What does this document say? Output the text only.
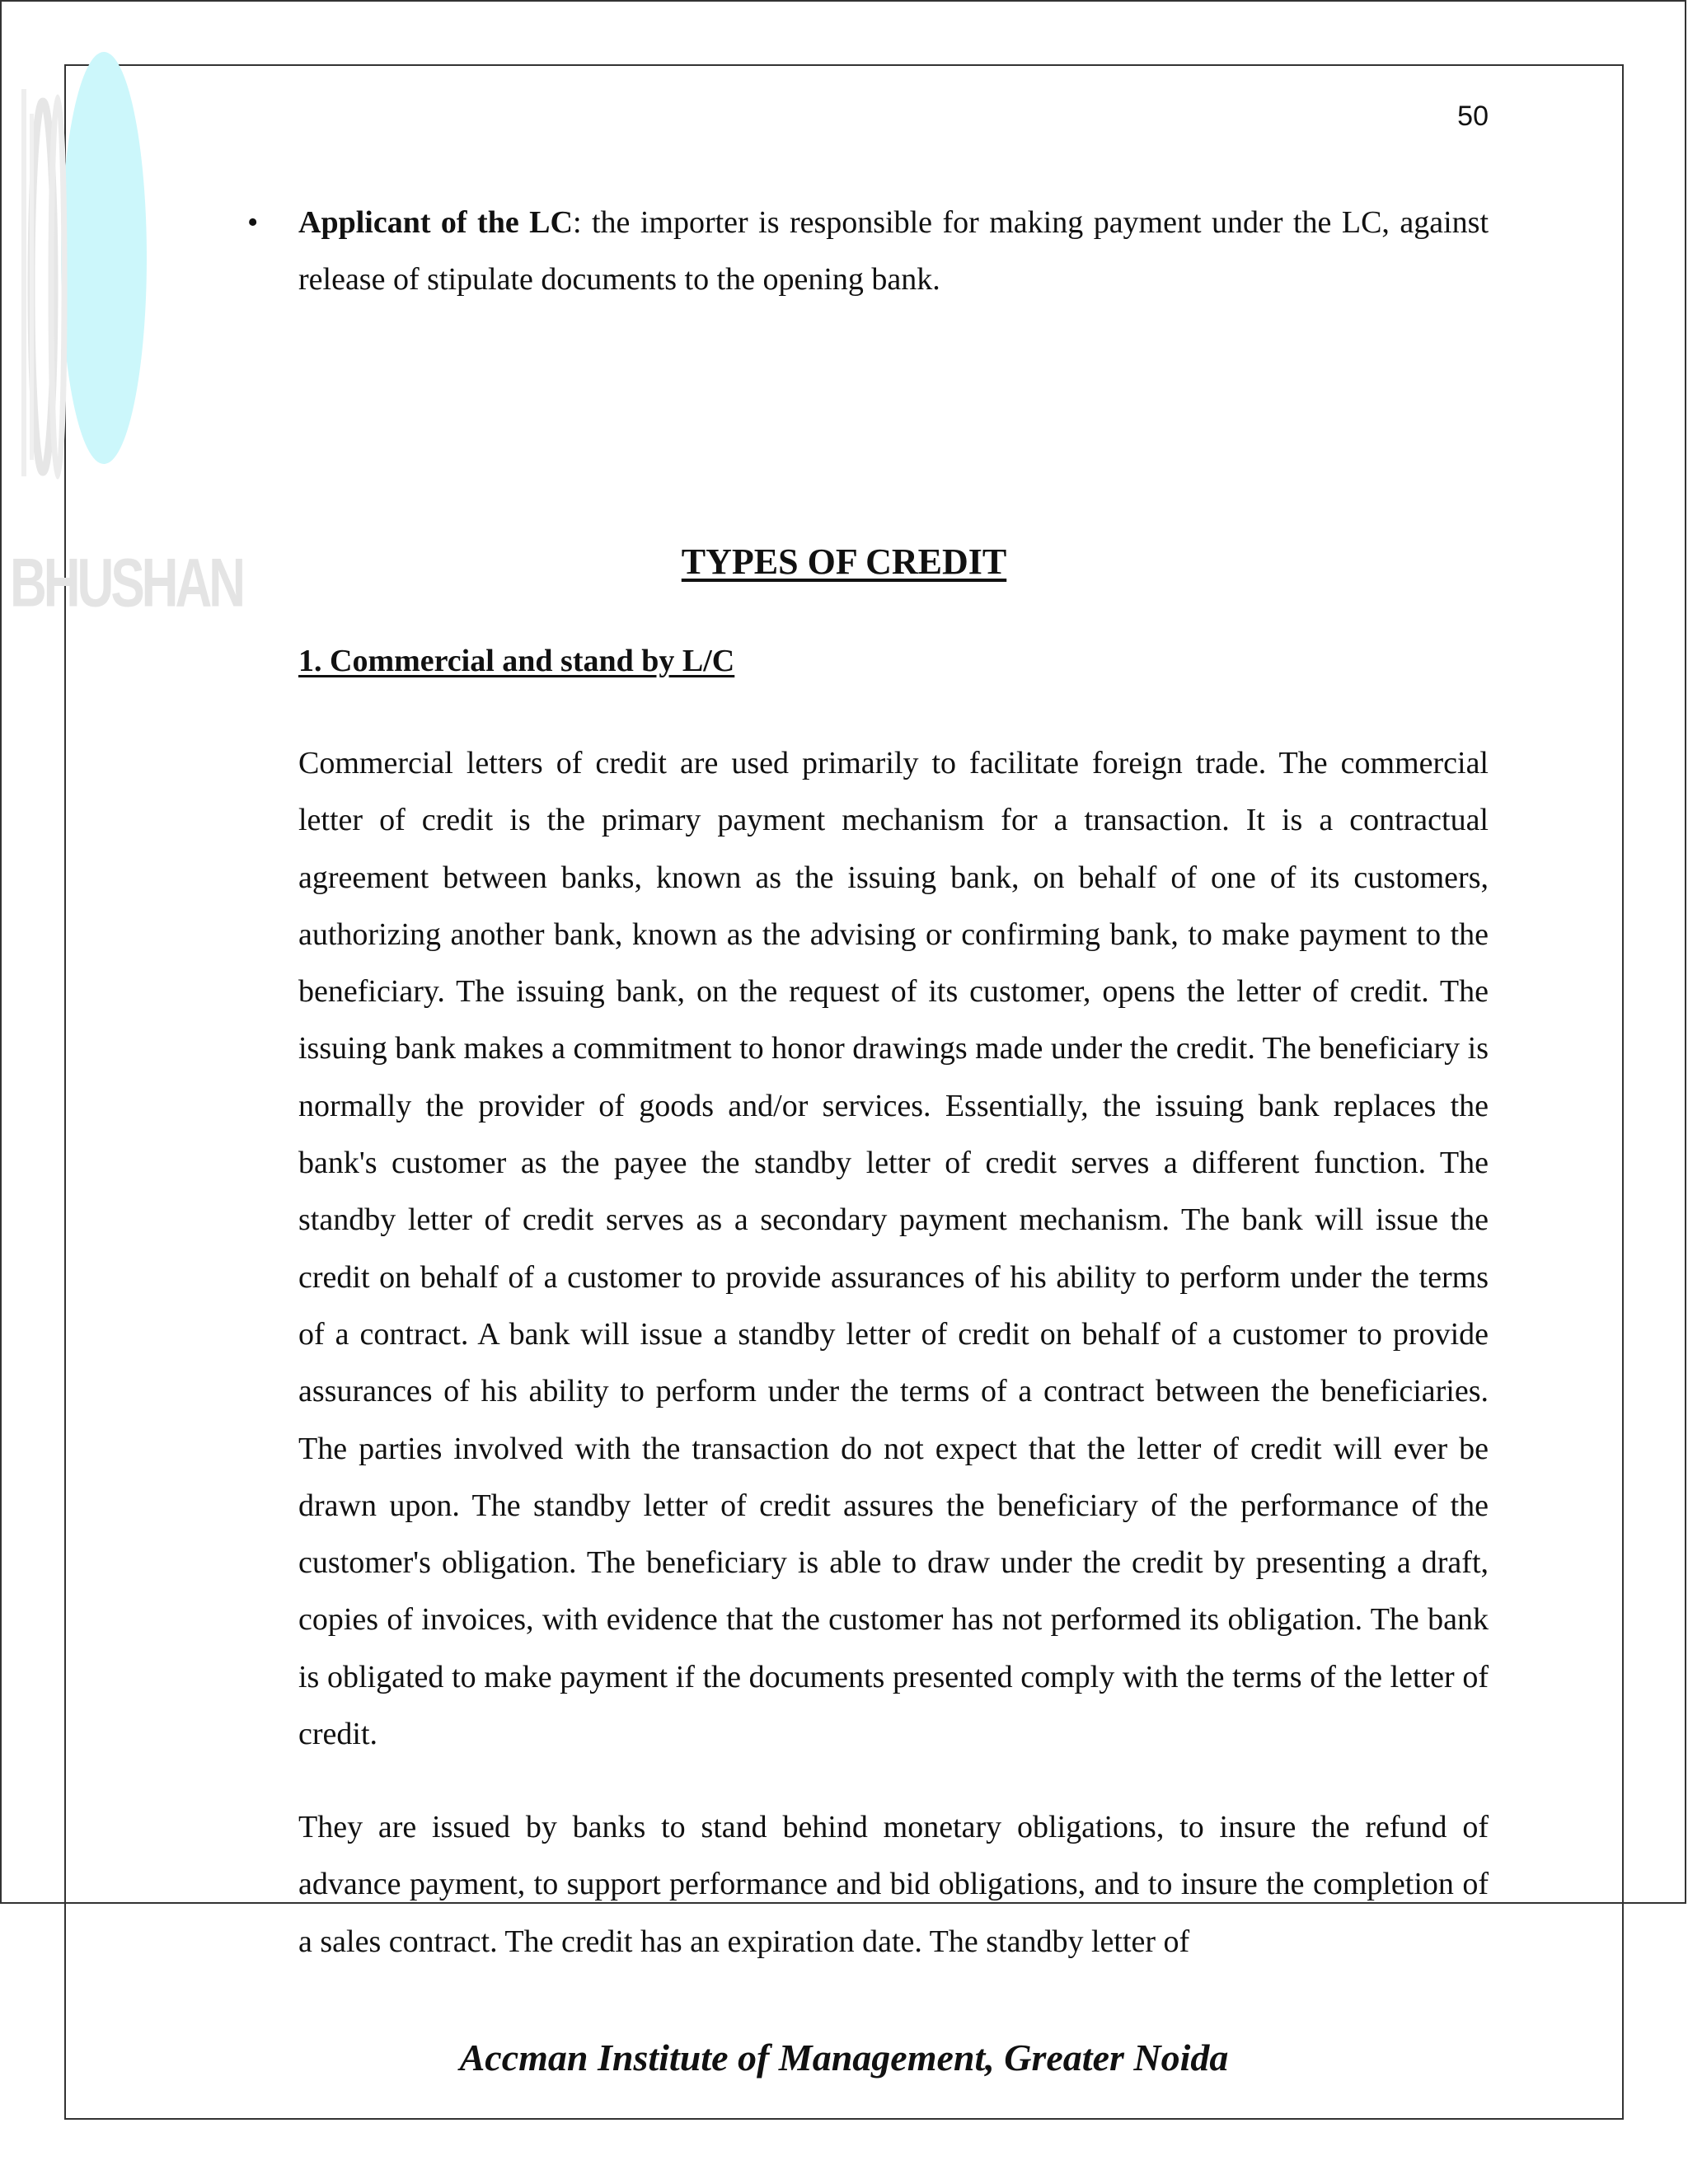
BHUSHAN
50
• Applicant of the LC: the importer is responsible for making payment under the LC, against release of stipulate documents to the opening bank.
TYPES OF CREDIT
1. Commercial and stand by L/C

Commercial letters of credit are used primarily to facilitate foreign trade. The commercial letter of credit is the primary payment mechanism for a transaction. It is a contractual agreement between banks, known as the issuing bank, on behalf of one of its customers, authorizing another bank, known as the advising or confirming bank, to make payment to the beneficiary. The issuing bank, on the request of its customer, opens the letter of credit. The issuing bank makes a commitment to honor drawings made under the credit. The beneficiary is normally the provider of goods and/or services. Essentially, the issuing bank replaces the bank's customer as the payee the standby letter of credit serves a different function. The standby letter of credit serves as a secondary payment mechanism. The bank will issue the credit on behalf of a customer to provide assurances of his ability to perform under the terms of a contract. A bank will issue a standby letter of credit on behalf of a customer to provide assurances of his ability to perform under the terms of a contract between the beneficiaries. The parties involved with the transaction do not expect that the letter of credit will ever be drawn upon. The standby letter of credit assures the beneficiary of the performance of the customer's obligation. The beneficiary is able to draw under the credit by presenting a draft, copies of invoices, with evidence that the customer has not performed its obligation. The bank is obligated to make payment if the documents presented comply with the terms of the letter of credit.

They are issued by banks to stand behind monetary obligations, to insure the refund of advance payment, to support performance and bid obligations, and to insure the completion of a sales contract. The credit has an expiration date. The standby letter of

Accman Institute of Management, Greater Noida
